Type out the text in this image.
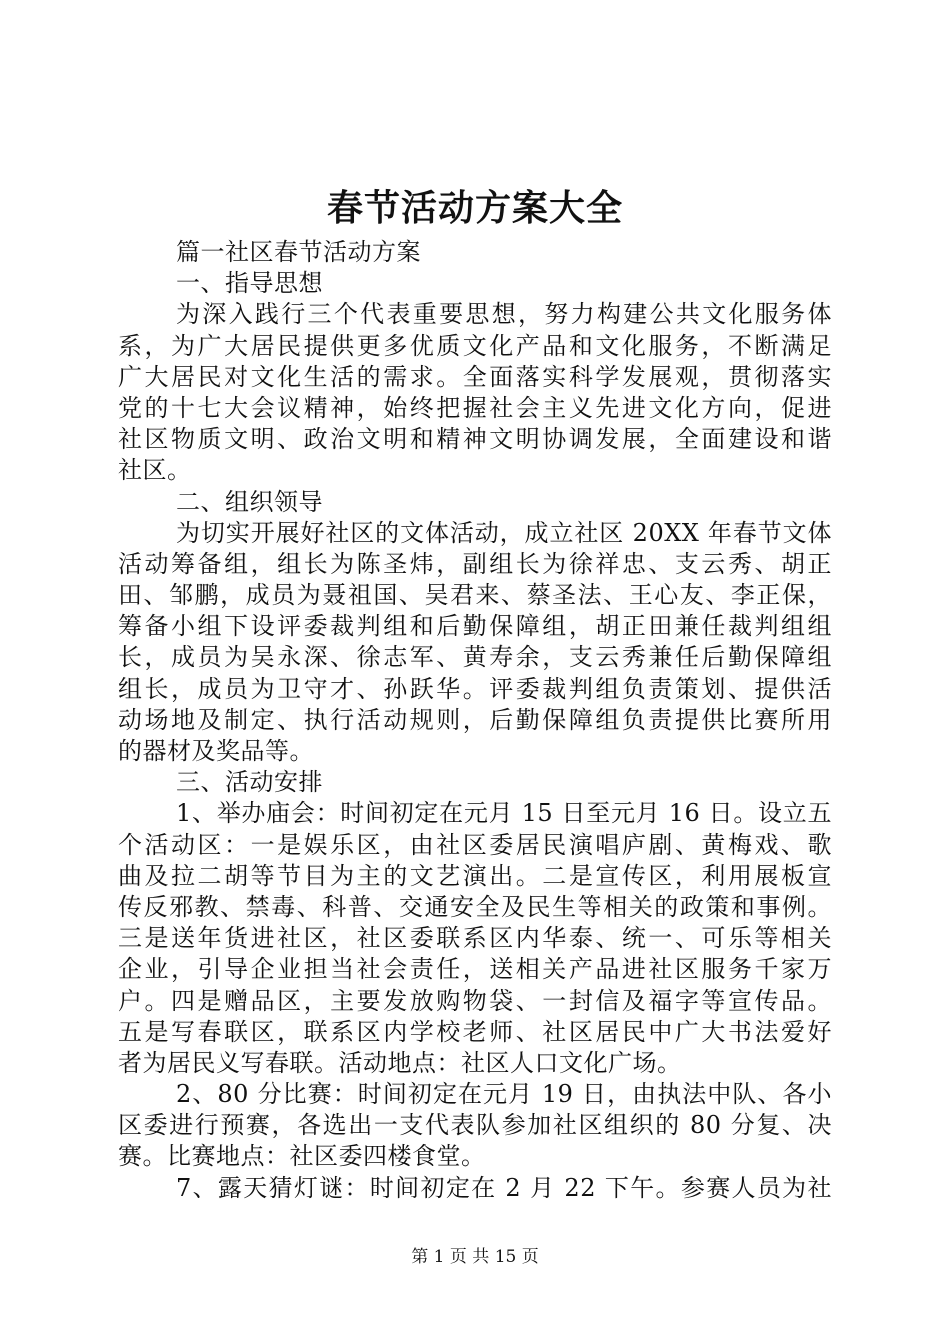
春节活动方案大全
篇一社区春节活动方案
一、指导思想
为深入践行三个代表重要思想，努力构建公共文化服务体
系，为广大居民提供更多优质文化产品和文化服务，不断满足
广大居民对文化生活的需求。全面落实科学发展观，贯彻落实
党的十七大会议精神，始终把握社会主义先进文化方向，促进
社区物质文明、政治文明和精神文明协调发展，全面建设和谐
社区。
二、组织领导
为切实开展好社区的文体活动，成立社区 20XX 年春节文体
活动筹备组，组长为陈圣炜，副组长为徐祥忠、支云秀、胡正
田、邹鹏，成员为聂祖国、吴君来、蔡圣法、王心友、李正保，
筹备小组下设评委裁判组和后勤保障组，胡正田兼任裁判组组
长，成员为吴永深、徐志军、黄寿余，支云秀兼任后勤保障组
组长，成员为卫守才、孙跃华。评委裁判组负责策划、提供活
动场地及制定、执行活动规则，后勤保障组负责提供比赛所用
的器材及奖品等。
三、活动安排
1、举办庙会：时间初定在元月 15 日至元月 16 日。设立五
个活动区：一是娱乐区，由社区委居民演唱庐剧、黄梅戏、歌
曲及拉二胡等节目为主的文艺演出。二是宣传区，利用展板宣
传反邪教、禁毒、科普、交通安全及民生等相关的政策和事例。
三是送年货进社区，社区委联系区内华泰、统一、可乐等相关
企业，引导企业担当社会责任，送相关产品进社区服务千家万
户。四是赠品区，主要发放购物袋、一封信及福字等宣传品。
五是写春联区，联系区内学校老师、社区居民中广大书法爱好
者为居民义写春联。活动地点：社区人口文化广场。
2、80 分比赛：时间初定在元月 19 日，由执法中队、各小
区委进行预赛，各选出一支代表队参加社区组织的 80 分复、决
赛。比赛地点：社区委四楼食堂。
7、露天猜灯谜：时间初定在 2 月 22 下午。参赛人员为社
第 1 页 共 15 页
